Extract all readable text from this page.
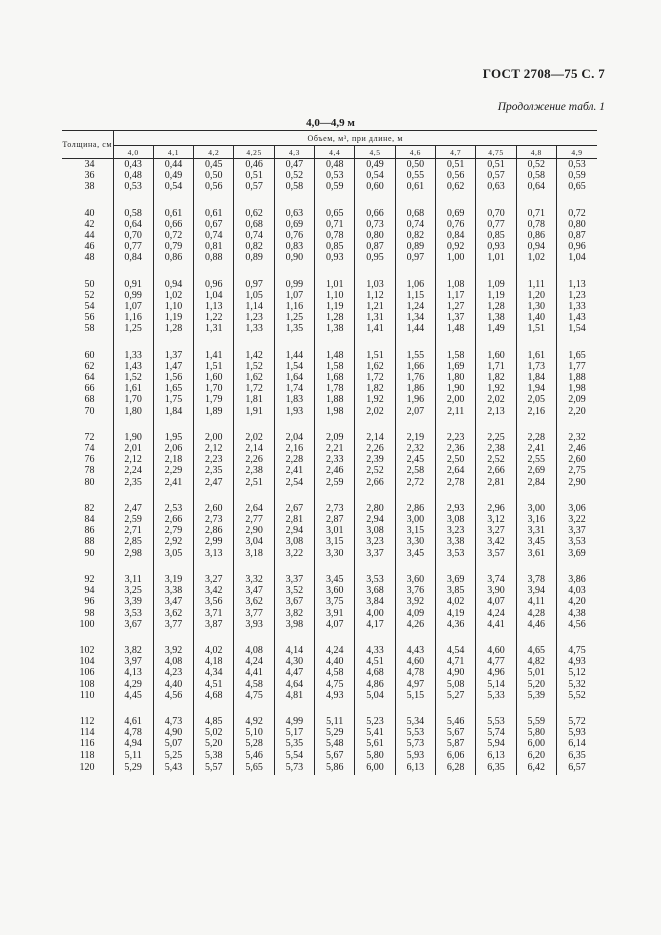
ГОСТ 2708—75 С. 7
Продолжение табл. 1
4,0—4,9 м
Толщина, см	Объем, м³, при длине, м											
	4,0	4,1	4,2	4,25	4,3	4,4	4,5	4,6	4,7	4,75	4,8	4,9
34	0,43	0,44	0,45	0,46	0,47	0,48	0,49	0,50	0,51	0,51	0,52	0,53
36	0,48	0,49	0,50	0,51	0,52	0,53	0,54	0,55	0,56	0,57	0,58	0,59
38	0,53	0,54	0,56	0,57	0,58	0,59	0,60	0,61	0,62	0,63	0,64	0,65

40	0,58	0,61	0,61	0,62	0,63	0,65	0,66	0,68	0,69	0,70	0,71	0,72
42	0,64	0,66	0,67	0,68	0,69	0,71	0,73	0,74	0,76	0,77	0,78	0,80
44	0,70	0,72	0,74	0,74	0,76	0,78	0,80	0,82	0,84	0,85	0,86	0,87
46	0,77	0,79	0,81	0,82	0,83	0,85	0,87	0,89	0,92	0,93	0,94	0,96
48	0,84	0,86	0,88	0,89	0,90	0,93	0,95	0,97	1,00	1,01	1,02	1,04

50	0,91	0,94	0,96	0,97	0,99	1,01	1,03	1,06	1,08	1,09	1,11	1,13
52	0,99	1,02	1,04	1,05	1,07	1,10	1,12	1,15	1,17	1,19	1,20	1,23
54	1,07	1,10	1,13	1,14	1,16	1,19	1,21	1,24	1,27	1,28	1,30	1,33
56	1,16	1,19	1,22	1,23	1,25	1,28	1,31	1,34	1,37	1,38	1,40	1,43
58	1,25	1,28	1,31	1,33	1,35	1,38	1,41	1,44	1,48	1,49	1,51	1,54

60	1,33	1,37	1,41	1,42	1,44	1,48	1,51	1,55	1,58	1,60	1,61	1,65
62	1,43	1,47	1,51	1,52	1,54	1,58	1,62	1,66	1,69	1,71	1,73	1,77
64	1,52	1,56	1,60	1,62	1,64	1,68	1,72	1,76	1,80	1,82	1,84	1,88
66	1,61	1,65	1,70	1,72	1,74	1,78	1,82	1,86	1,90	1,92	1,94	1,98
68	1,70	1,75	1,79	1,81	1,83	1,88	1,92	1,96	2,00	2,02	2,05	2,09
70	1,80	1,84	1,89	1,91	1,93	1,98	2,02	2,07	2,11	2,13	2,16	2,20

72	1,90	1,95	2,00	2,02	2,04	2,09	2,14	2,19	2,23	2,25	2,28	2,32
74	2,01	2,06	2,12	2,14	2,16	2,21	2,26	2,32	2,36	2,38	2,41	2,46
76	2,12	2,18	2,23	2,26	2,28	2,33	2,39	2,45	2,50	2,52	2,55	2,60
78	2,24	2,29	2,35	2,38	2,41	2,46	2,52	2,58	2,64	2,66	2,69	2,75
80	2,35	2,41	2,47	2,51	2,54	2,59	2,66	2,72	2,78	2,81	2,84	2,90

82	2,47	2,53	2,60	2,64	2,67	2,73	2,80	2,86	2,93	2,96	3,00	3,06
84	2,59	2,66	2,73	2,77	2,81	2,87	2,94	3,00	3,08	3,12	3,16	3,22
86	2,71	2,79	2,86	2,90	2,94	3,01	3,08	3,15	3,23	3,27	3,31	3,37
88	2,85	2,92	2,99	3,04	3,08	3,15	3,23	3,30	3,38	3,42	3,45	3,53
90	2,98	3,05	3,13	3,18	3,22	3,30	3,37	3,45	3,53	3,57	3,61	3,69

92	3,11	3,19	3,27	3,32	3,37	3,45	3,53	3,60	3,69	3,74	3,78	3,86
94	3,25	3,38	3,42	3,47	3,52	3,60	3,68	3,76	3,85	3,90	3,94	4,03
96	3,39	3,47	3,56	3,62	3,67	3,75	3,84	3,92	4,02	4,07	4,11	4,20
98	3,53	3,62	3,71	3,77	3,82	3,91	4,00	4,09	4,19	4,24	4,28	4,38
100	3,67	3,77	3,87	3,93	3,98	4,07	4,17	4,26	4,36	4,41	4,46	4,56

102	3,82	3,92	4,02	4,08	4,14	4,24	4,33	4,43	4,54	4,60	4,65	4,75
104	3,97	4,08	4,18	4,24	4,30	4,40	4,51	4,60	4,71	4,77	4,82	4,93
106	4,13	4,23	4,34	4,41	4,47	4,58	4,68	4,78	4,90	4,96	5,01	5,12
108	4,29	4,40	4,51	4,58	4,64	4,75	4,86	4,97	5,08	5,14	5,20	5,32
110	4,45	4,56	4,68	4,75	4,81	4,93	5,04	5,15	5,27	5,33	5,39	5,52

112	4,61	4,73	4,85	4,92	4,99	5,11	5,23	5,34	5,46	5,53	5,59	5,72
114	4,78	4,90	5,02	5,10	5,17	5,29	5,41	5,53	5,67	5,74	5,80	5,93
116	4,94	5,07	5,20	5,28	5,35	5,48	5,61	5,73	5,87	5,94	6,00	6,14
118	5,11	5,25	5,38	5,46	5,54	5,67	5,80	5,93	6,06	6,13	6,20	6,35
120	5,29	5,43	5,57	5,65	5,73	5,86	6,00	6,13	6,28	6,35	6,42	6,57
